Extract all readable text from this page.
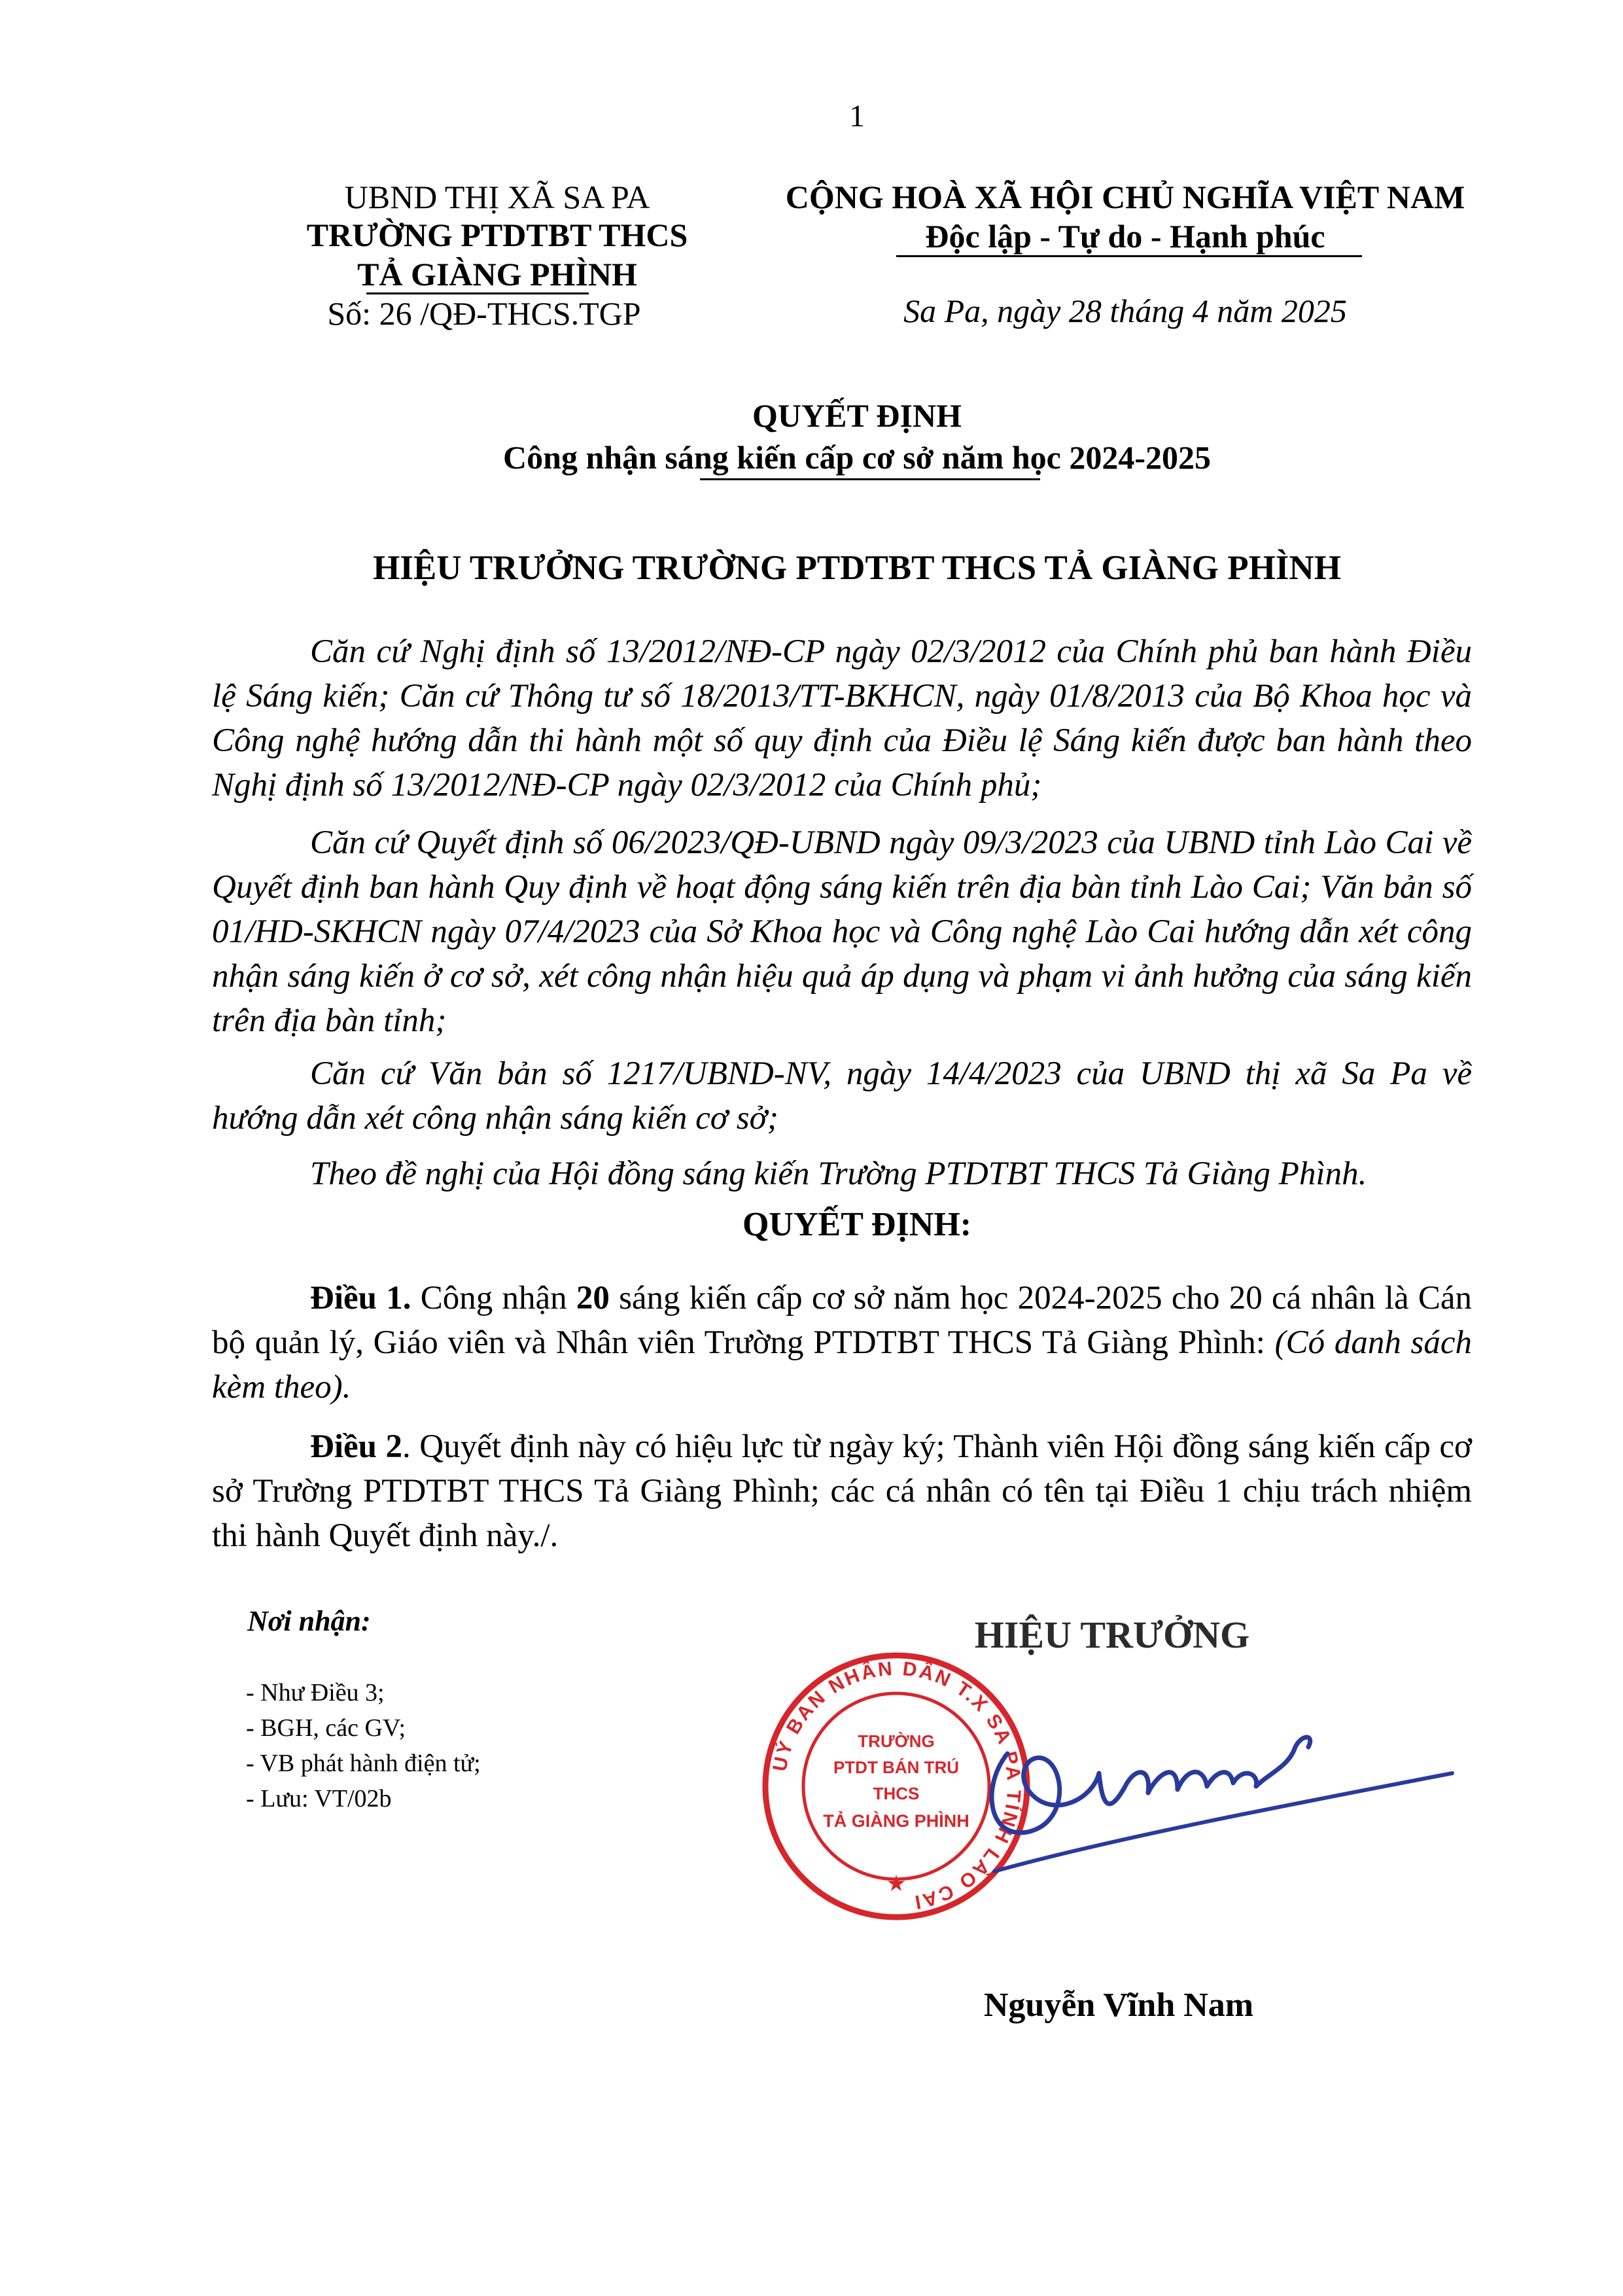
1
UBND THỊ XÃ SA PA
TRƯỜNG PTDTBT THCS
TẢ GIÀNG PHÌNH
Số: 26 /QĐ-THCS.TGP
CỘNG HOÀ XÃ HỘI CHỦ NGHĨA VIỆT NAM
Độc lập - Tự do - Hạnh phúc
Sa Pa, ngày 28 tháng 4 năm 2025
QUYẾT ĐỊNH
Công nhận sáng kiến cấp cơ sở năm học 2024-2025
HIỆU TRƯỞNG TRƯỜNG PTDTBT THCS TẢ GIÀNG PHÌNH
Căn cứ Nghị định số 13/2012/NĐ-CP ngày 02/3/2012 của Chính phủ ban hành Điều lệ Sáng kiến; Căn cứ Thông tư số 18/2013/TT-BKHCN, ngày 01/8/2013 của Bộ Khoa học và Công nghệ hướng dẫn thi hành một số quy định của Điều lệ Sáng kiến được ban hành theo Nghị định số 13/2012/NĐ-CP ngày 02/3/2012 của Chính phủ;
Căn cứ Quyết định số 06/2023/QĐ-UBND ngày 09/3/2023 của UBND tỉnh Lào Cai về Quyết định ban hành Quy định về hoạt động sáng kiến trên địa bàn tỉnh Lào Cai; Văn bản số 01/HD-SKHCN ngày 07/4/2023 của Sở Khoa học và Công nghệ Lào Cai hướng dẫn xét công nhận sáng kiến ở cơ sở, xét công nhận hiệu quả áp dụng và phạm vi ảnh hưởng của sáng kiến trên địa bàn tỉnh;
Căn cứ Văn bản số 1217/UBND-NV, ngày 14/4/2023 của UBND thị xã Sa Pa về hướng dẫn xét công nhận sáng kiến cơ sở;
Theo đề nghị của Hội đồng sáng kiến Trường PTDTBT THCS Tả Giàng Phình.
QUYẾT ĐỊNH:
Điều 1. Công nhận 20 sáng kiến cấp cơ sở năm học 2024-2025 cho 20 cá nhân là Cán bộ quản lý, Giáo viên và Nhân viên Trường PTDTBT THCS Tả Giàng Phình: (Có danh sách kèm theo).
Điều 2. Quyết định này có hiệu lực từ ngày ký; Thành viên Hội đồng sáng kiến cấp cơ sở Trường PTDTBT THCS Tả Giàng Phình; các cá nhân có tên tại Điều 1 chịu trách nhiệm thi hành Quyết định này./.
Nơi nhận:
- Như Điều 3;
- BGH, các GV;
- VB phát hành điện tử;
- Lưu: VT/02b
HIỆU TRƯỞNG
UỶ BAN NHÂN DÂN T.X SA PA TỈNH LÀO CAI
TRƯỜNG
PTDT BÁN TRÚ
THCS
TẢ GIÀNG PHÌNH
★
Nguyễn Vĩnh Nam
